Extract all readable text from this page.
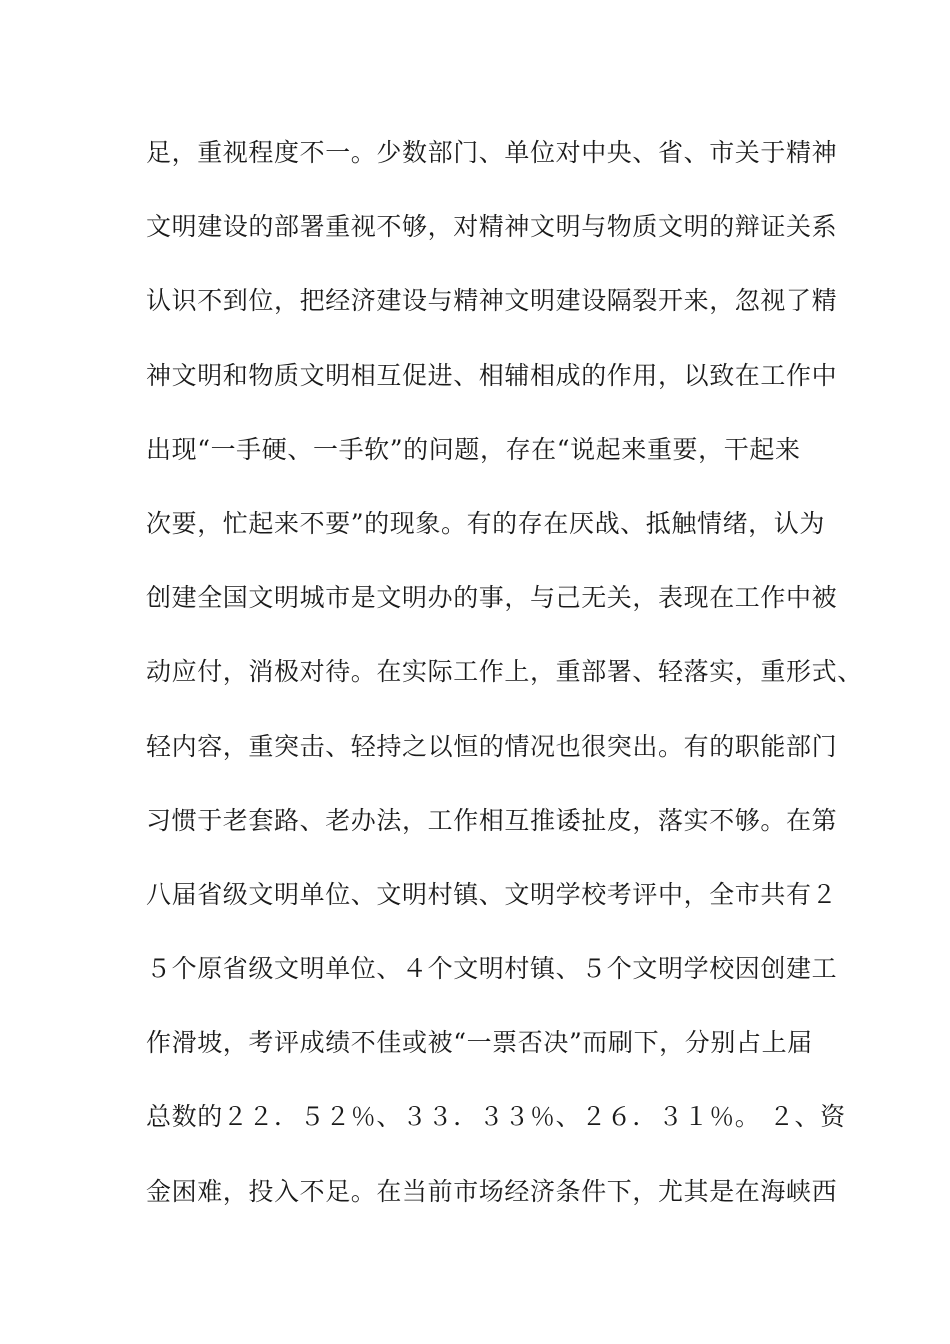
足，重视程度不一。少数部门、单位对中央、省、市关于精神
文明建设的部署重视不够，对精神文明与物质文明的辩证关系
认识不到位，把经济建设与精神文明建设隔裂开来，忽视了精
神文明和物质文明相互促进、相辅相成的作用，以致在工作中
出现“一手硬、一手软”的问题，存在“说起来重要，干起来
次要，忙起来不要”的现象。有的存在厌战、抵触情绪，认为
创建全国文明城市是文明办的事，与己无关，表现在工作中被
动应付，消极对待。在实际工作上，重部署、轻落实，重形式、
轻内容，重突击、轻持之以恒的情况也很突出。有的职能部门
习惯于老套路、老办法，工作相互推诿扯皮，落实不够。在第
八届省级文明单位、文明村镇、文明学校考评中，全市共有２
５个原省级文明单位、４个文明村镇、５个文明学校因创建工
作滑坡，考评成绩不佳或被“一票否决”而刷下，分别占上届
总数的２２．５２％、３３．３３％、２６．３１％。 ２、资
金困难，投入不足。在当前市场经济条件下，尤其是在海峡西
